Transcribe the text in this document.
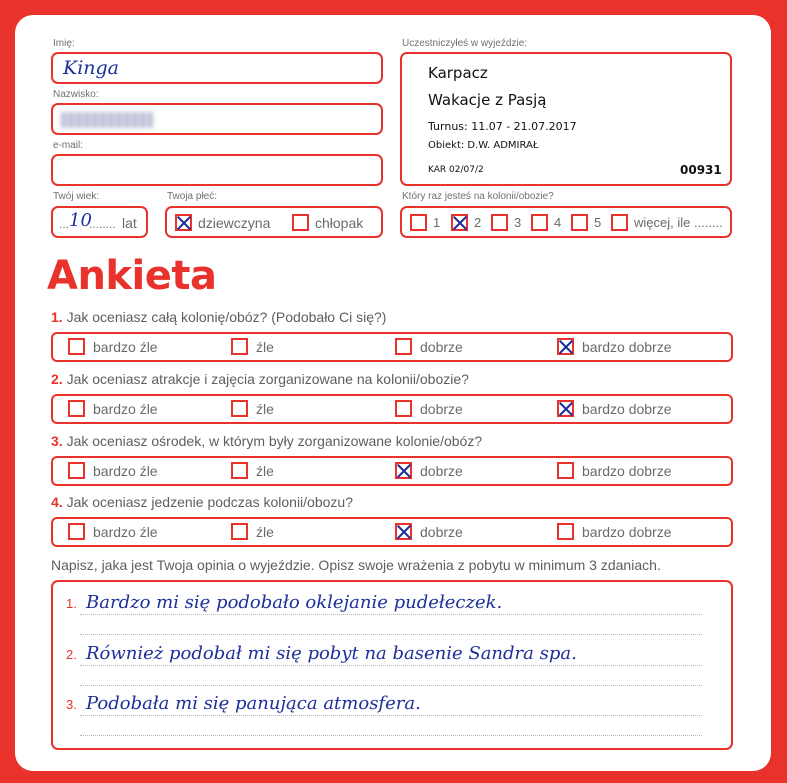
Imię:
Kinga
Nazwisko:
e-mail:
Twój wiek:
... 10
........ lat
Twoja płeć:
dziewczyna	chłopak
Uczestniczyłeś w wyjeździe:
Karpacz
Wakacje z Pasją
Turnus: 11.07 - 21.07.2017
Obiekt: D.W. ADMIRAŁ
KAR 02/07/2	00931
Który raz jesteś na kolonii/obozie?
1	2	3	4	5	więcej, ile ........
Ankieta
1. Jak oceniasz całą kolonię/obóz? (Podobało Ci się?)
bardzo źle	źle	dobrze	bardzo dobrze
2. Jak oceniasz atrakcje i zajęcia zorganizowane na kolonii/obozie?
bardzo źle	źle	dobrze	bardzo dobrze
3. Jak oceniasz ośrodek, w którym były zorganizowane kolonie/obóz?
bardzo źle	źle	dobrze	bardzo dobrze
4. Jak oceniasz jedzenie podczas kolonii/obozu?
bardzo źle	źle	dobrze	bardzo dobrze
Napisz, jaka jest Twoja opinia o wyjeździe. Opisz swoje wrażenia z pobytu w minimum 3 zdaniach.
1. Bardzo mi się podobało oklejanie pudełeczek.
2. Również podobał mi się pobyt na basenie Sandra spa.
3. Podobała mi się panująca atmosfera.
